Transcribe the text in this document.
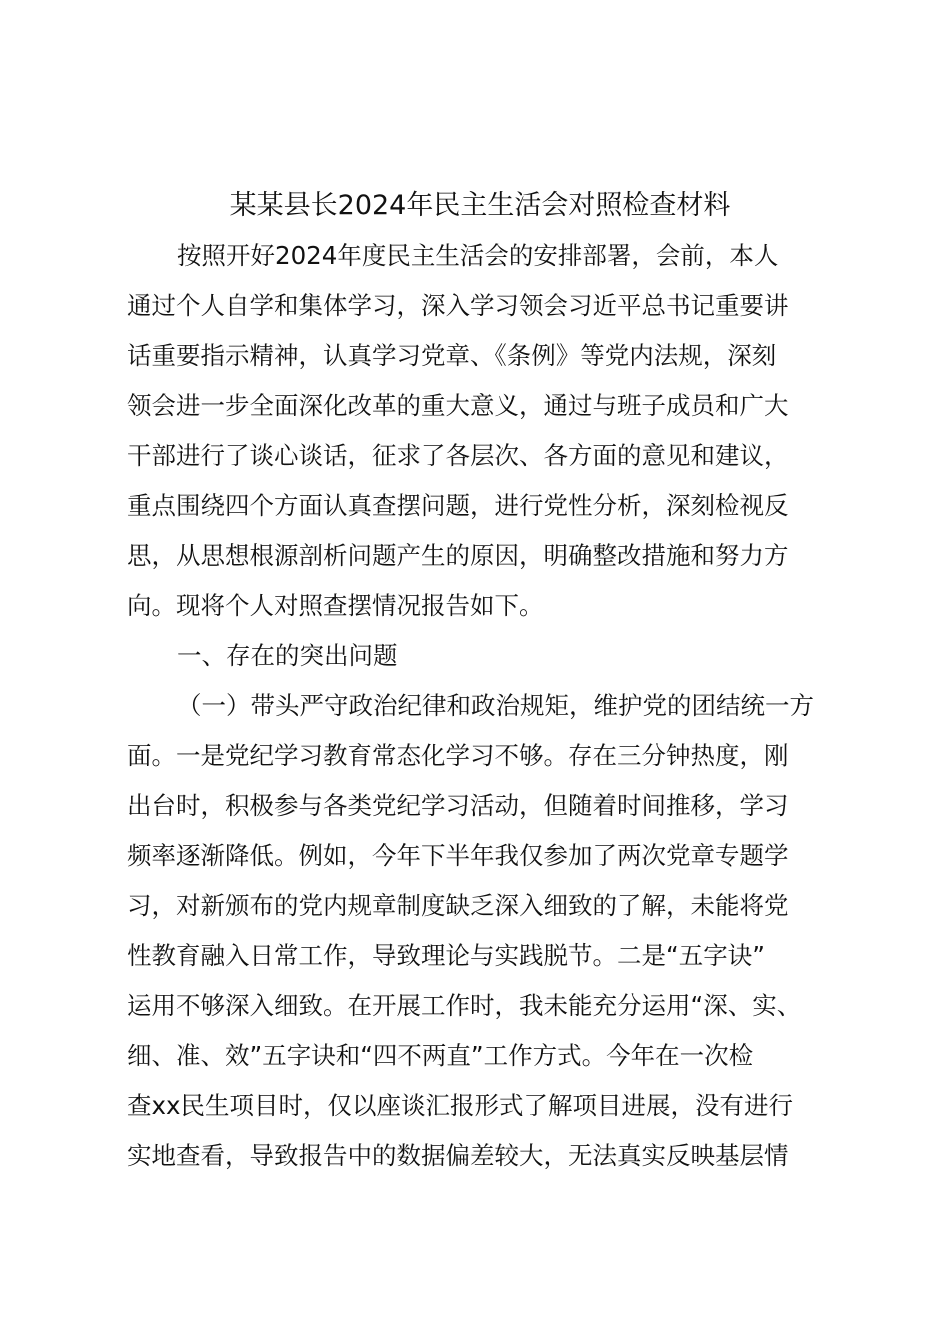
某某县长2024年民主生活会对照检查材料
按照开好2024年度民主生活会的安排部署，会前，本人
通过个人自学和集体学习，深入学习领会习近平总书记重要讲
话重要指示精神，认真学习党章、《条例》等党内法规，深刻
领会进一步全面深化改革的重大意义，通过与班子成员和广大
干部进行了谈心谈话，征求了各层次、各方面的意见和建议，
重点围绕四个方面认真查摆问题，进行党性分析，深刻检视反
思，从思想根源剖析问题产生的原因，明确整改措施和努力方
向。现将个人对照查摆情况报告如下。
一、存在的突出问题
（一）带头严守政治纪律和政治规矩，维护党的团结统一方
面。一是党纪学习教育常态化学习不够。存在三分钟热度，刚
出台时，积极参与各类党纪学习活动，但随着时间推移，学习
频率逐渐降低。例如，今年下半年我仅参加了两次党章专题学
习，对新颁布的党内规章制度缺乏深入细致的了解，未能将党
性教育融入日常工作，导致理论与实践脱节。二是“五字诀”
运用不够深入细致。在开展工作时，我未能充分运用“深、实、
细、准、效”五字诀和“四不两直”工作方式。今年在一次检
查xx民生项目时，仅以座谈汇报形式了解项目进展，没有进行
实地查看，导致报告中的数据偏差较大，无法真实反映基层情
